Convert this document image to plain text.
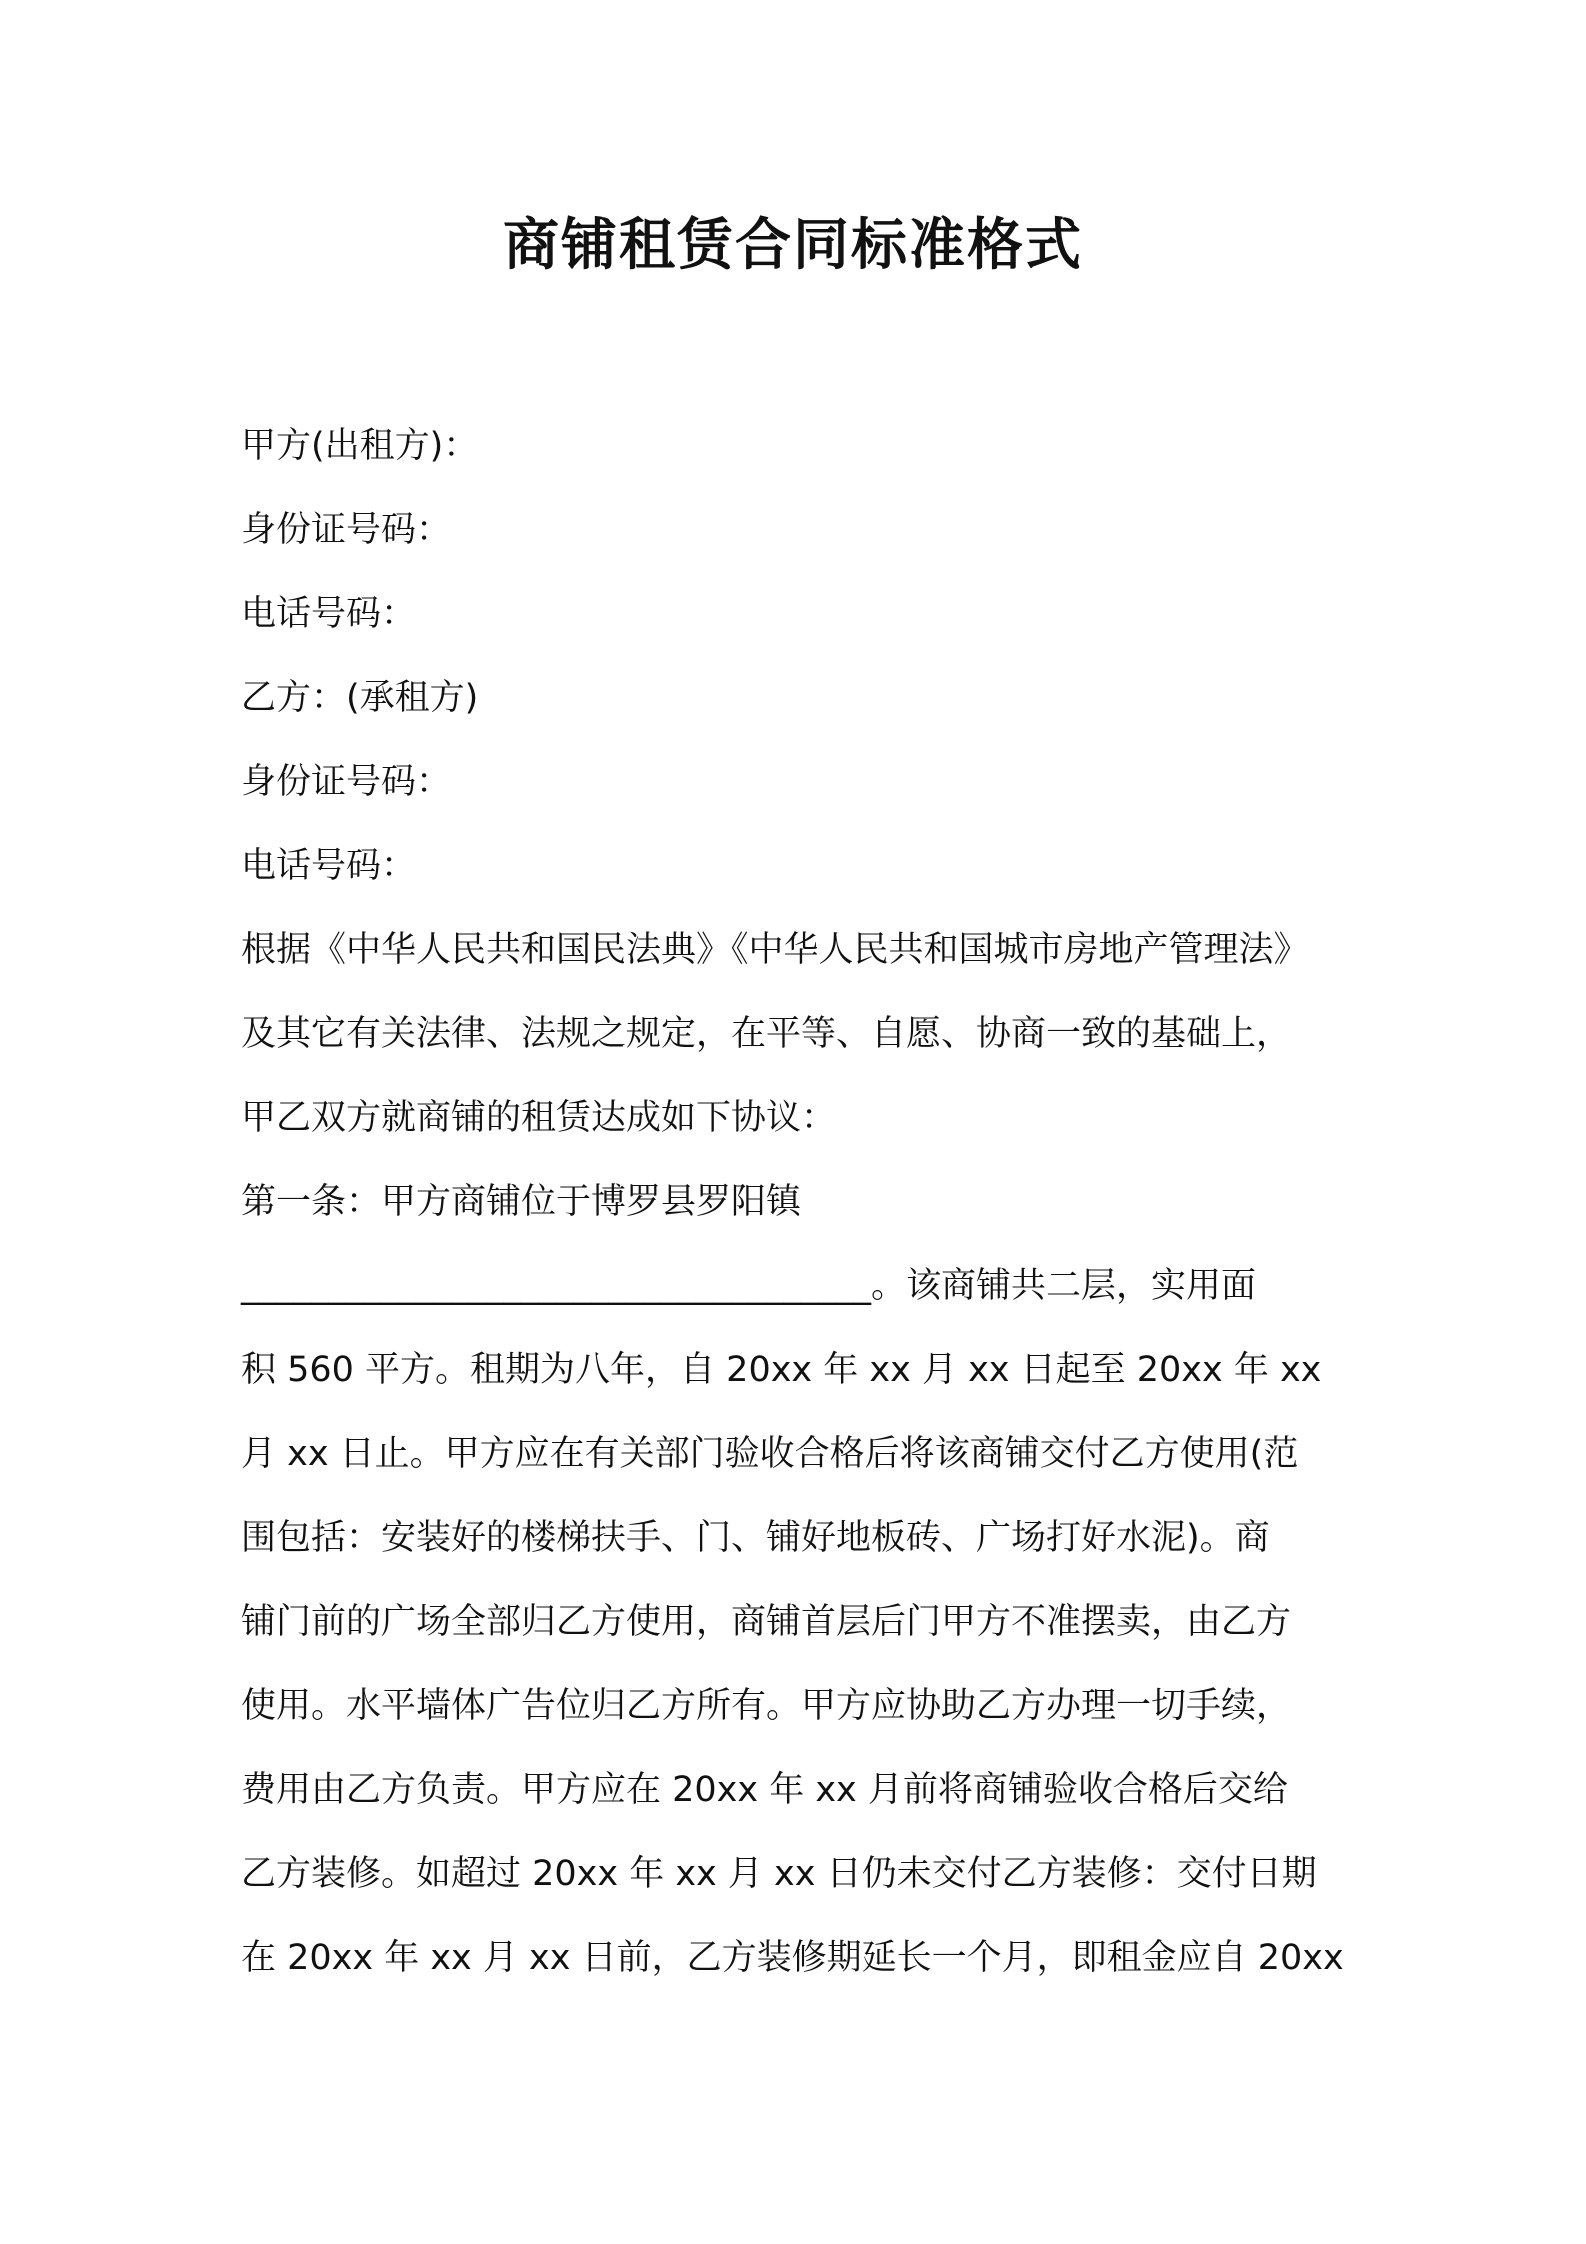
商铺租赁合同标准格式
甲方(出租方)：
身份证号码：
电话号码：
乙方：(承租方)
身份证号码：
电话号码：
根据《中华人民共和国民法典》《中华人民共和国城市房地产管理法》
及其它有关法律、法规之规定，在平等、自愿、协商一致的基础上，
甲乙双方就商铺的租赁达成如下协议：
第一条：甲方商铺位于博罗县罗阳镇
____________________________________。该商铺共二层，实用面
积 560 平方。租期为八年，自 20xx 年 xx 月 xx 日起至 20xx 年 xx
月 xx 日止。甲方应在有关部门验收合格后将该商铺交付乙方使用(范
围包括：安装好的楼梯扶手、门、铺好地板砖、广场打好水泥)。商
铺门前的广场全部归乙方使用，商铺首层后门甲方不准摆卖，由乙方
使用。水平墙体广告位归乙方所有。甲方应协助乙方办理一切手续，
费用由乙方负责。甲方应在 20xx 年 xx 月前将商铺验收合格后交给
乙方装修。如超过 20xx 年 xx 月 xx 日仍未交付乙方装修：交付日期
在 20xx 年 xx 月 xx 日前，乙方装修期延长一个月，即租金应自 20xx
